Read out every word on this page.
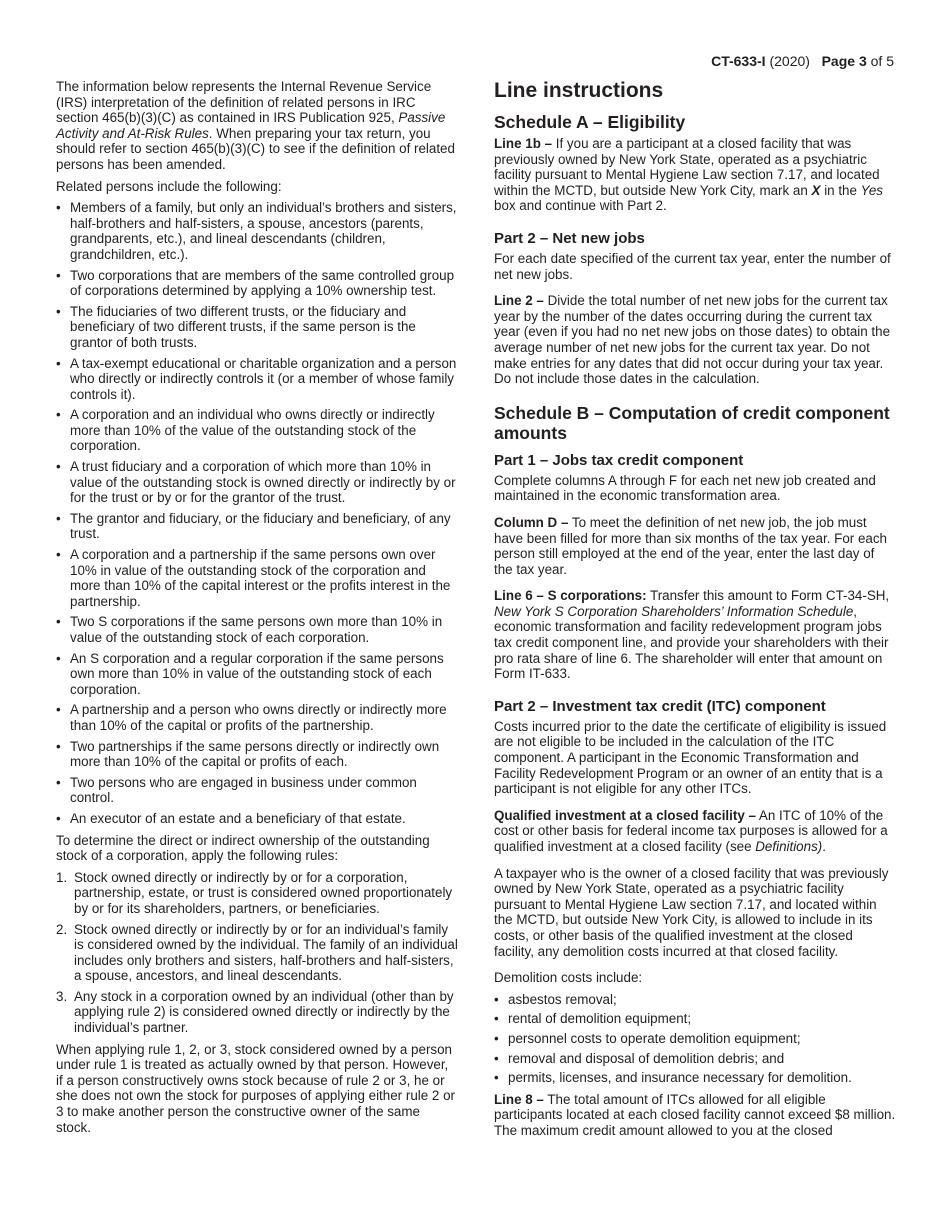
CT-633-I (2020) Page 3 of 5

The information below represents the Internal Revenue Service (IRS) interpretation of the definition of related persons in IRC section 465(b)(3)(C) as contained in IRS Publication 925, Passive Activity and At-Risk Rules. When preparing your tax return, you should refer to section 465(b)(3)(C) to see if the definition of related persons has been amended.

Related persons include the following:

• Members of a family, but only an individual’s brothers and sisters, half-brothers and half-sisters, a spouse, ancestors (parents, grandparents, etc.), and lineal descendants (children, grandchildren, etc.).
• Two corporations that are members of the same controlled group of corporations determined by applying a 10% ownership test.
• The fiduciaries of two different trusts, or the fiduciary and beneficiary of two different trusts, if the same person is the grantor of both trusts.
• A tax-exempt educational or charitable organization and a person who directly or indirectly controls it (or a member of whose family controls it).
• A corporation and an individual who owns directly or indirectly more than 10% of the value of the outstanding stock of the corporation.
• A trust fiduciary and a corporation of which more than 10% in value of the outstanding stock is owned directly or indirectly by or for the trust or by or for the grantor of the trust.
• The grantor and fiduciary, or the fiduciary and beneficiary, of any trust.
• A corporation and a partnership if the same persons own over 10% in value of the outstanding stock of the corporation and more than 10% of the capital interest or the profits interest in the partnership.
• Two S corporations if the same persons own more than 10% in value of the outstanding stock of each corporation.
• An S corporation and a regular corporation if the same persons own more than 10% in value of the outstanding stock of each corporation.
• A partnership and a person who owns directly or indirectly more than 10% of the capital or profits of the partnership.
• Two partnerships if the same persons directly or indirectly own more than 10% of the capital or profits of each.
• Two persons who are engaged in business under common control.
• An executor of an estate and a beneficiary of that estate.

To determine the direct or indirect ownership of the outstanding stock of a corporation, apply the following rules:

1. Stock owned directly or indirectly by or for a corporation, partnership, estate, or trust is considered owned proportionately by or for its shareholders, partners, or beneficiaries.
2. Stock owned directly or indirectly by or for an individual’s family is considered owned by the individual. The family of an individual includes only brothers and sisters, half-brothers and half-sisters, a spouse, ancestors, and lineal descendants.
3. Any stock in a corporation owned by an individual (other than by applying rule 2) is considered owned directly or indirectly by the individual’s partner.

When applying rule 1, 2, or 3, stock considered owned by a person under rule 1 is treated as actually owned by that person. However, if a person constructively owns stock because of rule 2 or 3, he or she does not own the stock for purposes of applying either rule 2 or 3 to make another person the constructive owner of the same stock.

Line instructions
Schedule A – Eligibility

Line 1b – If you are a participant at a closed facility that was previously owned by New York State, operated as a psychiatric facility pursuant to Mental Hygiene Law section 7.17, and located within the MCTD, but outside New York City, mark an X in the Yes box and continue with Part 2.

Part 2 – Net new jobs

For each date specified of the current tax year, enter the number of net new jobs.

Line 2 – Divide the total number of net new jobs for the current tax year by the number of the dates occurring during the current tax year (even if you had no net new jobs on those dates) to obtain the average number of net new jobs for the current tax year. Do not make entries for any dates that did not occur during your tax year. Do not include those dates in the calculation.

Schedule B – Computation of credit component amounts
Part 1 – Jobs tax credit component

Complete columns A through F for each net new job created and maintained in the economic transformation area.

Column D – To meet the definition of net new job, the job must have been filled for more than six months of the tax year. For each person still employed at the end of the year, enter the last day of the tax year.

Line 6 – S corporations: Transfer this amount to Form CT-34-SH, New York S Corporation Shareholders’ Information Schedule, economic transformation and facility redevelopment program jobs tax credit component line, and provide your shareholders with their pro rata share of line 6. The shareholder will enter that amount on Form IT-633.

Part 2 – Investment tax credit (ITC) component

Costs incurred prior to the date the certificate of eligibility is issued are not eligible to be included in the calculation of the ITC component. A participant in the Economic Transformation and Facility Redevelopment Program or an owner of an entity that is a participant is not eligible for any other ITCs.

Qualified investment at a closed facility – An ITC of 10% of the cost or other basis for federal income tax purposes is allowed for a qualified investment at a closed facility (see Definitions).

A taxpayer who is the owner of a closed facility that was previously owned by New York State, operated as a psychiatric facility pursuant to Mental Hygiene Law section 7.17, and located within the MCTD, but outside New York City, is allowed to include in its costs, or other basis of the qualified investment at the closed facility, any demolition costs incurred at that closed facility.

Demolition costs include:

• asbestos removal;
• rental of demolition equipment;
• personnel costs to operate demolition equipment;
• removal and disposal of demolition debris; and
• permits, licenses, and insurance necessary for demolition.

Line 8 – The total amount of ITCs allowed for all eligible participants located at each closed facility cannot exceed $8 million. The maximum credit amount allowed to you at the closed
